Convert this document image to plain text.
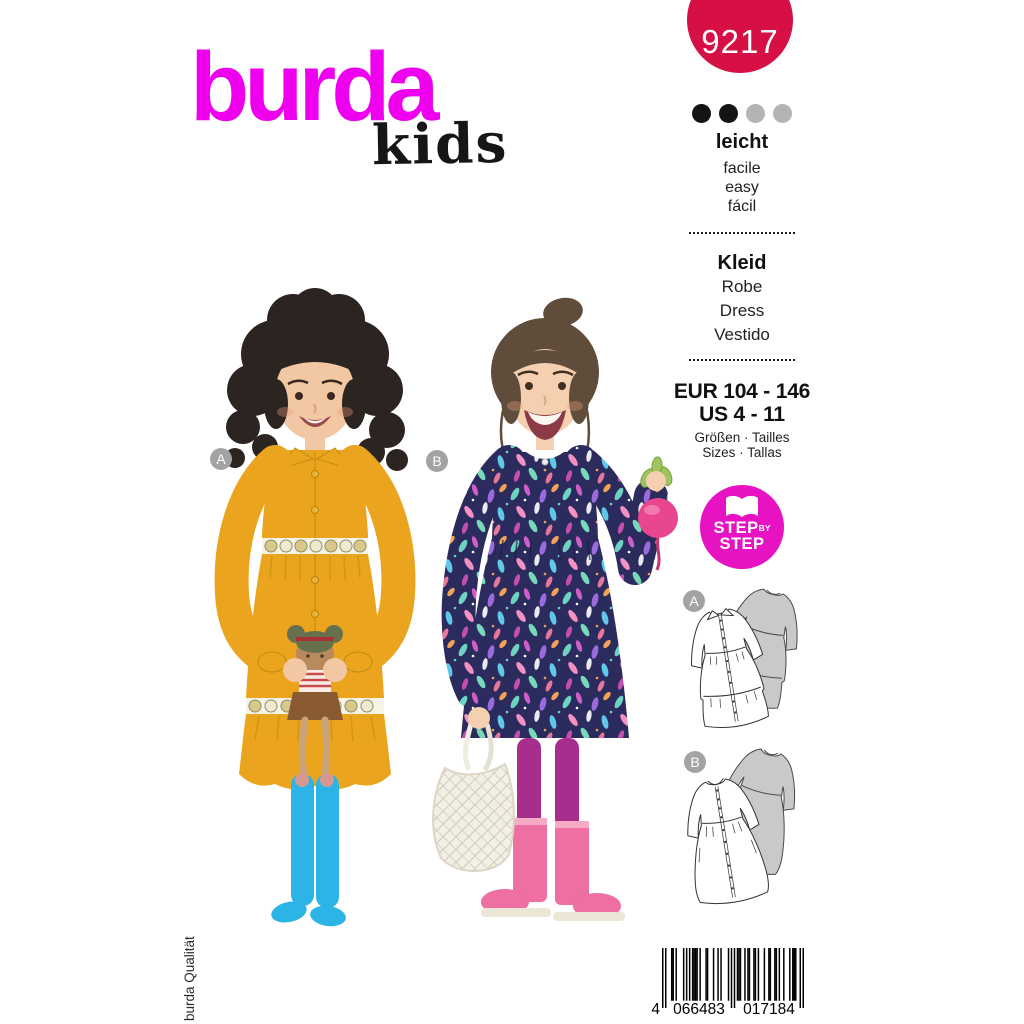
burda
kids
burda Qualität
A	B
9217
leicht
facile
easy
fácil
Kleid
Robe
Dress
Vestido
EUR 104 - 146
US 4 - 11
Größen · Tailles
Sizes · Tallas
STEPBY
STEP
A
B
4 066483	017184
